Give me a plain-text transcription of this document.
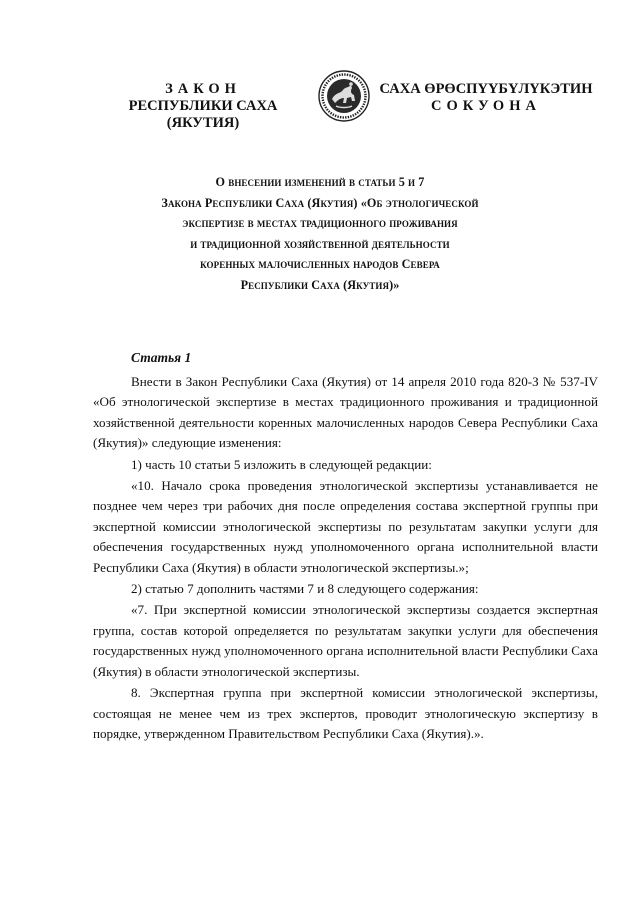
ЗАКОН
РЕСПУБЛИКИ САХА (ЯКУТИЯ)
САХА ӨРӨСПҮҮБҮЛҮКЭТИН
СОКУОНА
О внесении изменений в статьи 5 и 7
Закона Республики Саха (Якутия) «Об этнологической
экспертизе в местах традиционного проживания
и традиционной хозяйственной деятельности
коренных малочисленных народов Севера
Республики Саха (Якутия)»
Статья 1

Внести в Закон Республики Саха (Якутия) от 14 апреля 2010 года 820-З № 537-IV «Об этнологической экспертизе в местах традиционного проживания и традиционной хозяйственной деятельности коренных малочисленных народов Севера Республики Саха (Якутия)» следующие изменения:

1) часть 10 статьи 5 изложить в следующей редакции:

«10. Начало срока проведения этнологической экспертизы устанавливается не позднее чем через три рабочих дня после определения состава экспертной группы при экспертной комиссии этнологической экспертизы по результатам закупки услуги для обеспечения государственных нужд уполномоченного органа исполнительной власти Республики Саха (Якутия) в области этнологической экспертизы.»;

2) статью 7 дополнить частями 7 и 8 следующего содержания:

«7. При экспертной комиссии этнологической экспертизы создается экспертная группа, состав которой определяется по результатам закупки услуги для обеспечения государственных нужд уполномоченного органа исполнительной власти Республики Саха (Якутия) в области этнологической экспертизы.

8. Экспертная группа при экспертной комиссии этнологической экспертизы, состоящая не менее чем из трех экспертов, проводит этнологическую экспертизу в порядке, утвержденном Правительством Республики Саха (Якутия).».
